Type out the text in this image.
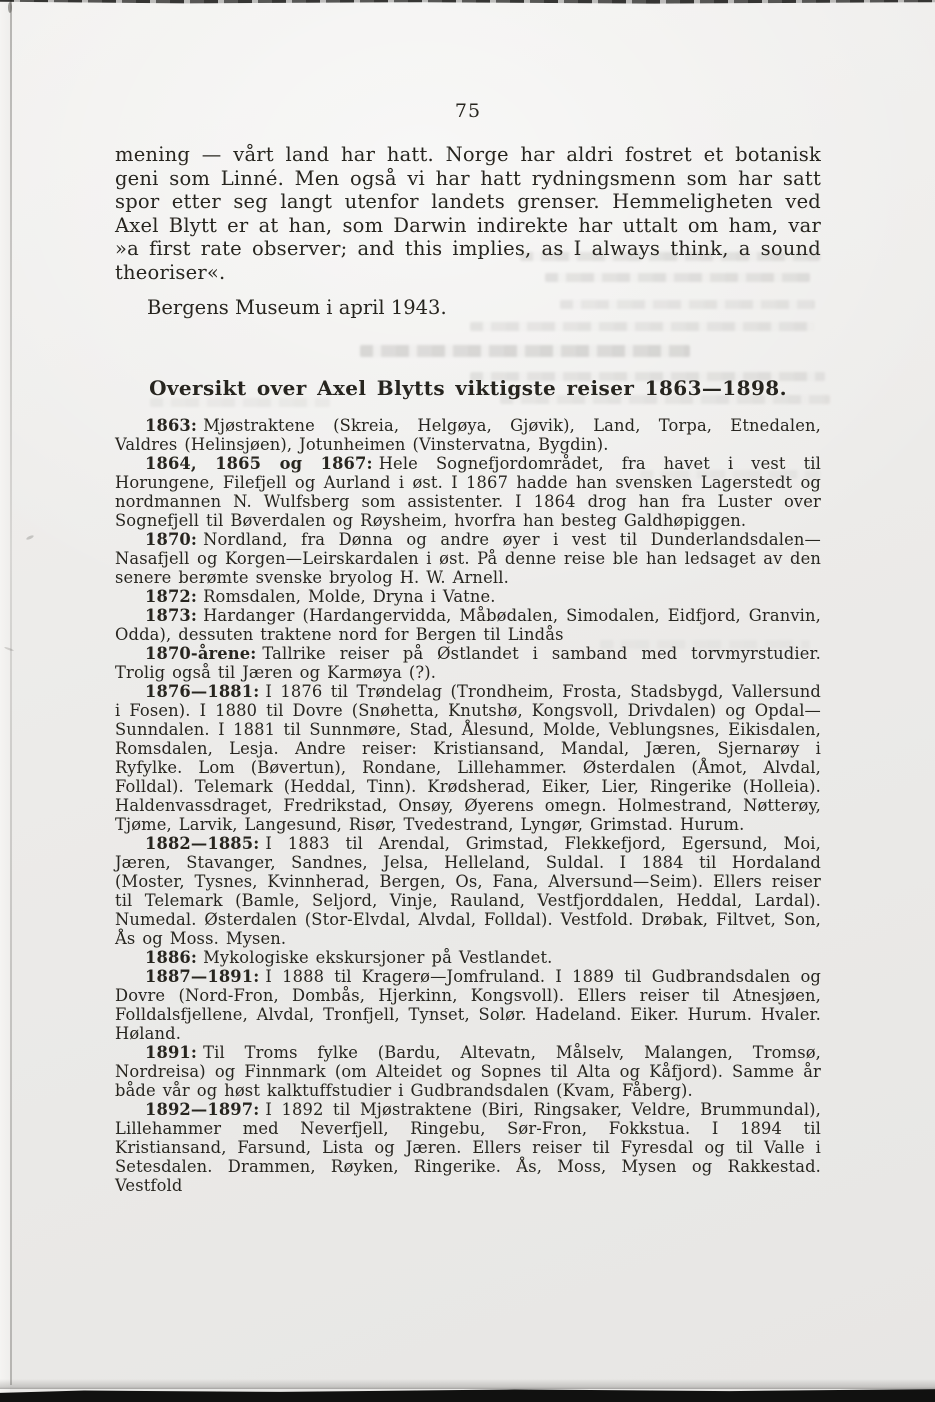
75

mening — vårt land har hatt. Norge har aldri fostret et botanisk geni som Linné. Men også vi har hatt rydningsmenn som har satt spor etter seg langt utenfor landets grenser. Hemmeligheten ved Axel Blytt er at han, som Darwin indirekte har uttalt om ham, var »a first rate observer; and this implies, as I always think, a sound theoriser«.

Bergens Museum i april 1943.
Oversikt over Axel Blytts viktigste reiser 1863—1898.

1863: Mjøstraktene (Skreia, Helgøya, Gjøvik), Land, Torpa, Etnedalen, Valdres (Helinsjøen), Jotunheimen (Vinstervatna, Bygdin).

1864, 1865 og 1867: Hele Sognefjordområdet, fra havet i vest til Horungene, Filefjell og Aurland i øst. I 1867 hadde han svensken Lagerstedt og nordmannen N. Wulfsberg som assistenter. I 1864 drog han fra Luster over Sognefjell til Bøverdalen og Røysheim, hvorfra han besteg Galdhøpiggen.

1870: Nordland, fra Dønna og andre øyer i vest til Dunderlandsdalen—Nasafjell og Korgen—Leirskardalen i øst. På denne reise ble han ledsaget av den senere berømte svenske bryolog H. W. Arnell.

1872: Romsdalen, Molde, Dryna i Vatne.

1873: Hardanger (Hardangervidda, Måbødalen, Simodalen, Eidfjord, Granvin, Odda), dessuten traktene nord for Bergen til Lindås

1870-årene: Tallrike reiser på Østlandet i samband med torvmyrstudier. Trolig også til Jæren og Karmøya (?).

1876—1881: I 1876 til Trøndelag (Trondheim, Frosta, Stadsbygd, Vallersund i Fosen). I 1880 til Dovre (Snøhetta, Knutshø, Kongsvoll, Drivdalen) og Opdal—Sunndalen. I 1881 til Sunnmøre, Stad, Ålesund, Molde, Veblungsnes, Eikisdalen, Romsdalen, Lesja. Andre reiser: Kristiansand, Mandal, Jæren, Sjernarøy i Ryfylke. Lom (Bøvertun), Rondane, Lillehammer. Østerdalen (Åmot, Alvdal, Folldal). Telemark (Heddal, Tinn). Krødsherad, Eiker, Lier, Ringerike (Holleia). Haldenvassdraget, Fredrikstad, Onsøy, Øyerens omegn. Holmestrand, Nøtterøy, Tjøme, Larvik, Langesund, Risør, Tvedestrand, Lyngør, Grimstad. Hurum.

1882—1885: I 1883 til Arendal, Grimstad, Flekkefjord, Egersund, Moi, Jæren, Stavanger, Sandnes, Jelsa, Helleland, Suldal. I 1884 til Hordaland (Moster, Tysnes, Kvinnherad, Bergen, Os, Fana, Alversund—Seim). Ellers reiser til Telemark (Bamle, Seljord, Vinje, Rauland, Vestfjorddalen, Heddal, Lardal). Numedal. Østerdalen (Stor-Elvdal, Alvdal, Folldal). Vestfold. Drøbak, Filtvet, Son, Ås og Moss. Mysen.

1886: Mykologiske ekskursjoner på Vestlandet.

1887—1891: I 1888 til Kragerø—Jomfruland. I 1889 til Gudbrandsdalen og Dovre (Nord-Fron, Dombås, Hjerkinn, Kongsvoll). Ellers reiser til Atnesjøen, Folldalsfjellene, Alvdal, Tronfjell, Tynset, Solør. Hadeland. Eiker. Hurum. Hvaler. Høland.

1891: Til Troms fylke (Bardu, Altevatn, Målselv, Malangen, Tromsø, Nordreisa) og Finnmark (om Alteidet og Sopnes til Alta og Kåfjord). Samme år både vår og høst kalktuffstudier i Gudbrandsdalen (Kvam, Fåberg).

1892—1897: I 1892 til Mjøstraktene (Biri, Ringsaker, Veldre, Brummundal), Lillehammer med Neverfjell, Ringebu, Sør-Fron, Fokkstua. I 1894 til Kristiansand, Farsund, Lista og Jæren. Ellers reiser til Fyresdal og til Valle i Setesdalen. Drammen, Røyken, Ringerike. Ås, Moss, Mysen og Rakkestad. Vestfold
